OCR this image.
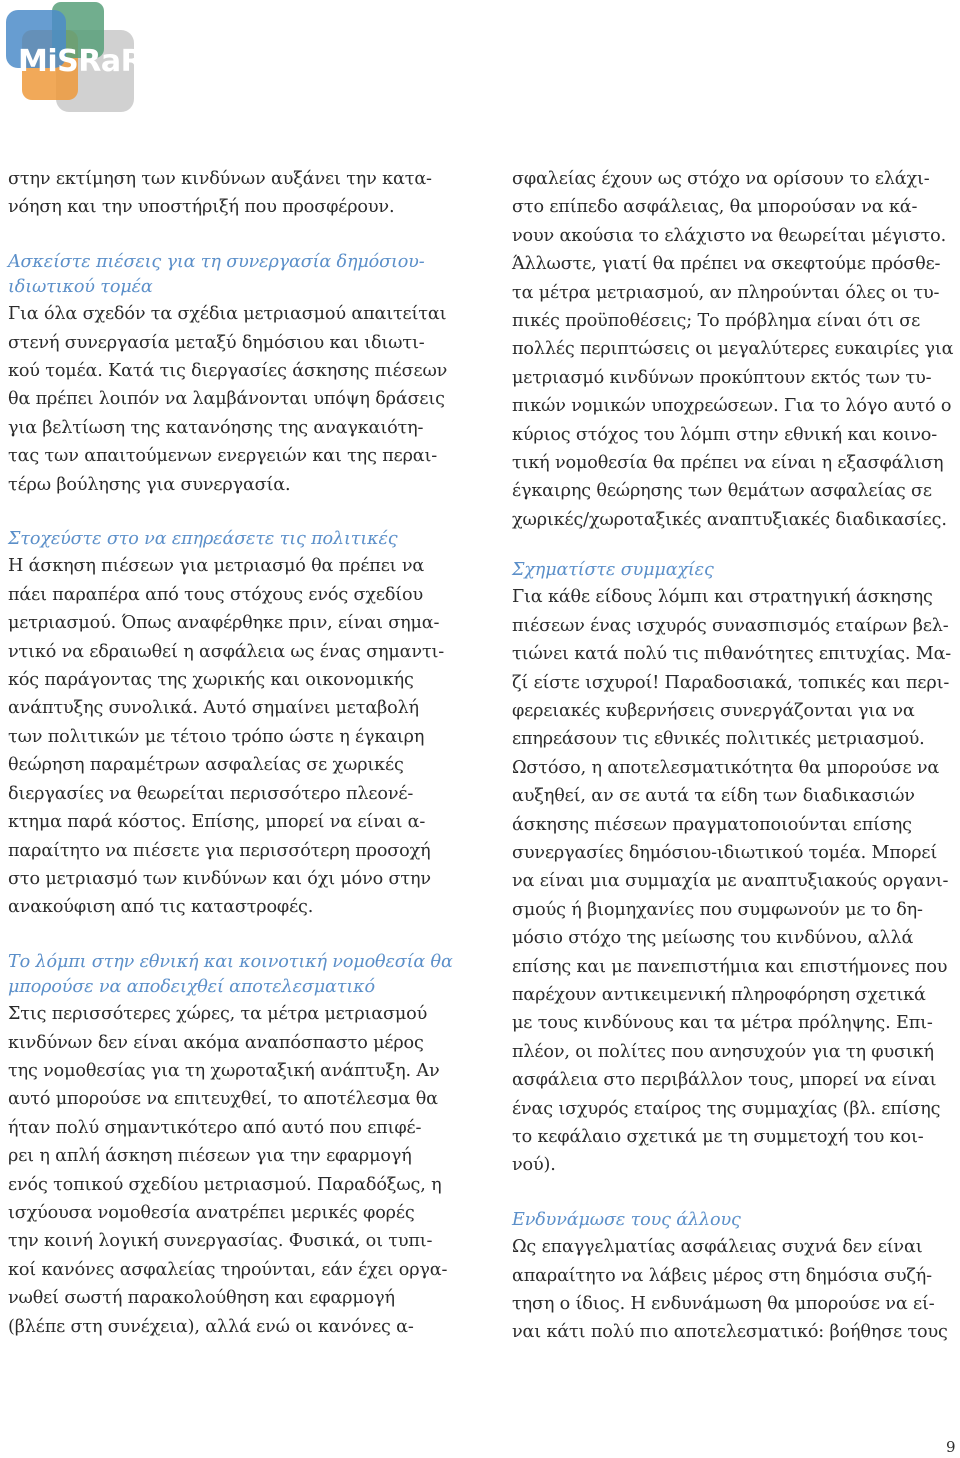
MiSRaR

στην εκτίμηση των κινδύνων αυξάνει την κατα-
νόηση και την υποστήριξή που προσφέρουν.

Ασκείστε πιέσεις για τη συνεργασία δημόσιου-
ιδιωτικού τομέα

Για όλα σχεδόν τα σχέδια μετριασμού απαιτείται
στενή συνεργασία μεταξύ δημόσιου και ιδιωτι-
κού τομέα. Κατά τις διεργασίες άσκησης πιέσεων
θα πρέπει λοιπόν να λαμβάνονται υπόψη δράσεις
για βελτίωση της κατανόησης της αναγκαιότη-
τας των απαιτούμενων ενεργειών και της περαι-
τέρω βούλησης για συνεργασία.

Στοχεύστε στο να επηρεάσετε τις πολιτικές

Η άσκηση πιέσεων για μετριασμό θα πρέπει να
πάει παραπέρα από τους στόχους ενός σχεδίου
μετριασμού. Όπως αναφέρθηκε πριν, είναι σημα-
ντικό να εδραιωθεί η ασφάλεια ως ένας σημαντι-
κός παράγοντας της χωρικής και οικονομικής
ανάπτυξης συνολικά. Αυτό σημαίνει μεταβολή
των πολιτικών με τέτοιο τρόπο ώστε η έγκαιρη
θεώρηση παραμέτρων ασφαλείας σε χωρικές
διεργασίες να θεωρείται περισσότερο πλεονέ-
κτημα παρά κόστος. Επίσης, μπορεί να είναι α-
παραίτητο να πιέσετε για περισσότερη προσοχή
στο μετριασμό των κινδύνων και όχι μόνο στην
ανακούφιση από τις καταστροφές.

Το λόμπι στην εθνική και κοινοτική νομοθεσία θα
μπορούσε να αποδειχθεί αποτελεσματικό

Στις περισσότερες χώρες, τα μέτρα μετριασμού
κινδύνων δεν είναι ακόμα αναπόσπαστο μέρος
της νομοθεσίας για τη χωροταξική ανάπτυξη. Αν
αυτό μπορούσε να επιτευχθεί, το αποτέλεσμα θα
ήταν πολύ σημαντικότερο από αυτό που επιφέ-
ρει η απλή άσκηση πιέσεων για την εφαρμογή
ενός τοπικού σχεδίου μετριασμού. Παραδόξως, η
ισχύουσα νομοθεσία ανατρέπει μερικές φορές
την κοινή λογική συνεργασίας. Φυσικά, οι τυπι-
κοί κανόνες ασφαλείας τηρούνται, εάν έχει οργα-
νωθεί σωστή παρακολούθηση και εφαρμογή
(βλέπε στη συνέχεια), αλλά ενώ οι κανόνες α-

σφαλείας έχουν ως στόχο να ορίσουν το ελάχι-
στο επίπεδο ασφάλειας, θα μπορούσαν να κά-
νουν ακούσια το ελάχιστο να θεωρείται μέγιστο.
Άλλωστε, γιατί θα πρέπει να σκεφτούμε πρόσθε-
τα μέτρα μετριασμού, αν πληρούνται όλες οι τυ-
πικές προϋποθέσεις; Το πρόβλημα είναι ότι σε
πολλές περιπτώσεις οι μεγαλύτερες ευκαιρίες για
μετριασμό κινδύνων προκύπτουν εκτός των τυ-
πικών νομικών υποχρεώσεων. Για το λόγο αυτό ο
κύριος στόχος του λόμπι στην εθνική και κοινο-
τική νομοθεσία θα πρέπει να είναι η εξασφάλιση
έγκαιρης θεώρησης των θεμάτων ασφαλείας σε
χωρικές/χωροταξικές αναπτυξιακές διαδικασίες.

Σχηματίστε συμμαχίες

Για κάθε είδους λόμπι και στρατηγική άσκησης
πιέσεων ένας ισχυρός συνασπισμός εταίρων βελ-
τιώνει κατά πολύ τις πιθανότητες επιτυχίας. Μα-
ζί είστε ισχυροί! Παραδοσιακά, τοπικές και περι-
φερειακές κυβερνήσεις συνεργάζονται για να
επηρεάσουν τις εθνικές πολιτικές μετριασμού.
Ωστόσο, η αποτελεσματικότητα θα μπορούσε να
αυξηθεί, αν σε αυτά τα είδη των διαδικασιών
άσκησης πιέσεων πραγματοποιούνται επίσης
συνεργασίες δημόσιου-ιδιωτικού τομέα. Μπορεί
να είναι μια συμμαχία με αναπτυξιακούς οργανι-
σμούς ή βιομηχανίες που συμφωνούν με το δη-
μόσιο στόχο της μείωσης του κινδύνου, αλλά
επίσης και με πανεπιστήμια και επιστήμονες που
παρέχουν αντικειμενική πληροφόρηση σχετικά
με τους κινδύνους και τα μέτρα πρόληψης. Επι-
πλέον, οι πολίτες που ανησυχούν για τη φυσική
ασφάλεια στο περιβάλλον τους, μπορεί να είναι
ένας ισχυρός εταίρος της συμμαχίας (βλ. επίσης
το κεφάλαιο σχετικά με τη συμμετοχή του κοι-
νού).

Ενδυνάμωσε τους άλλους

Ως επαγγελματίας ασφάλειας συχνά δεν είναι
απαραίτητο να λάβεις μέρος στη δημόσια συζή-
τηση ο ίδιος. Η ενδυνάμωση θα μπορούσε να εί-
ναι κάτι πολύ πιο αποτελεσματικό: βοήθησε τους

9
